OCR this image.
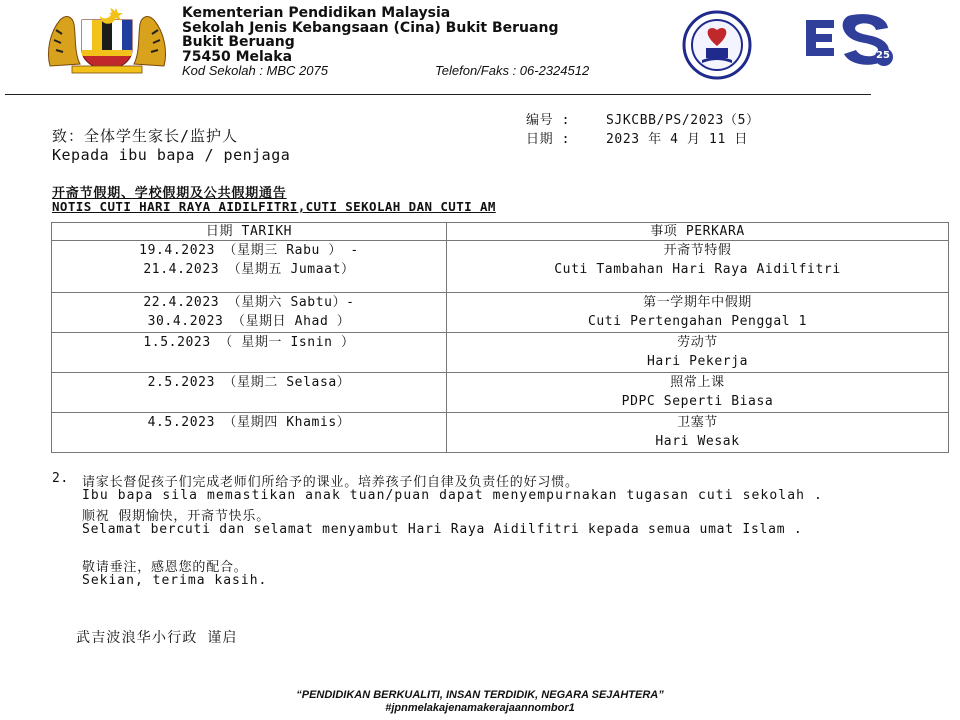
Kementerian Pendidikan Malaysia
Sekolah Jenis Kebangsaan (Cina) Bukit Beruang
Bukit Beruang
75450 Melaka
Kod Sekolah : MBC 2075	Telefon/Faks : 06-2324512
25
编号 :	SJKCBB/PS/2023（5）
日期 :	2023 年 4 月 11 日
致：全体学生家长/监护人
Kepada ibu bapa / penjaga
开斋节假期、学校假期及公共假期通告
NOTIS CUTI HARI RAYA AIDILFITRI,CUTI SEKOLAH DAN CUTI AM
日期 TARIKH	事项 PERKARA

19.4.2023 （星期三 Rabu ） -
21.4.2023 （星期五 Jumaat）	开斋节特假
Cuti Tambahan Hari Raya Aidilfitri

22.4.2023 （星期六 Sabtu）-
30.4.2023 （星期日 Ahad ）	第一学期年中假期
Cuti Pertengahan Penggal 1

1.5.2023 （ 星期一 Isnin ）	劳动节
Hari Pekerja

2.5.2023 （星期二 Selasa）	照常上课
PDPC Seperti Biasa

4.5.2023 （星期四 Khamis）	卫塞节
Hari Wesak
2. 请家长督促孩子们完成老师们所给予的课业。培养孩子们自律及负责任的好习惯。
Ibu bapa sila memastikan anak tuan/puan dapat menyempurnakan tugasan cuti sekolah .
顺祝 假期愉快，开斋节快乐。
Selamat bercuti dan selamat menyambut Hari Raya Aidilfitri kepada semua umat Islam .
敬请垂注，感恩您的配合。
Sekian, terima kasih.
武吉波浪华小行政 谨启
“PENDIDIKAN BERKUALITI, INSAN TERDIDIK, NEGARA SEJAHTERA”
#jpnmelakajenamakerajaannombor1
